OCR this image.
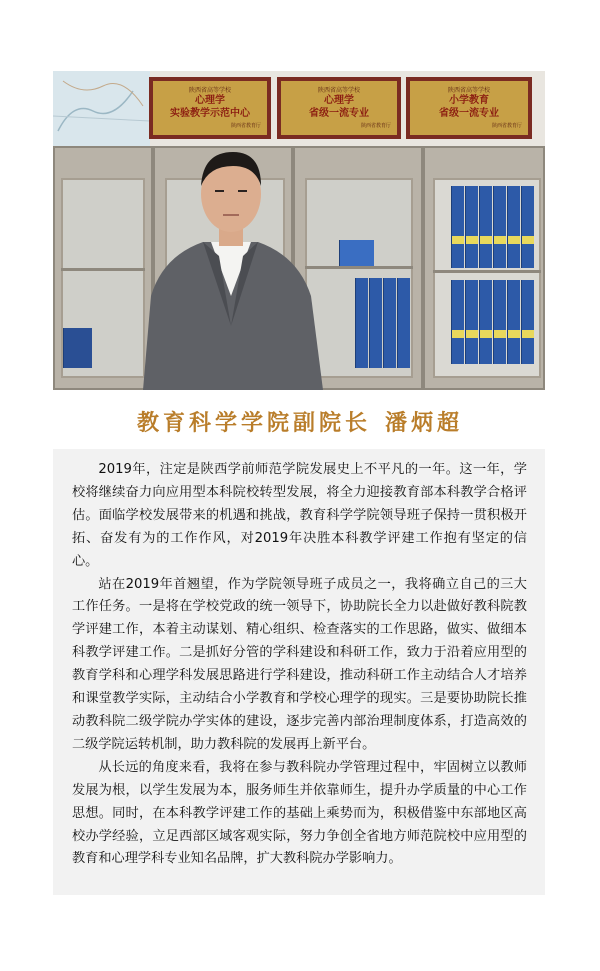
陕西省高等学校
心理学
实验教学示范中心
陕西省教育厅
陕西省高等学校
心理学
省级一流专业
陕西省教育厅
陕西省高等学校
小学教育
省级一流专业
陕西省教育厅
教育科学学院副院长 潘炳超

2019年，注定是陕西学前师范学院发展史上不平凡的一年。这一年，学校将继续奋力向应用型本科院校转型发展，将全力迎接教育部本科教学合格评估。面临学校发展带来的机遇和挑战，教育科学学院领导班子保持一贯积极开拓、奋发有为的工作作风，对2019年决胜本科教学评建工作抱有坚定的信心。

站在2019年首翘望，作为学院领导班子成员之一，我将确立自己的三大工作任务。一是将在学校党政的统一领导下，协助院长全力以赴做好教科院教学评建工作，本着主动谋划、精心组织、检查落实的工作思路，做实、做细本科教学评建工作。二是抓好分管的学科建设和科研工作，致力于沿着应用型的教育学科和心理学科发展思路进行学科建设，推动科研工作主动结合人才培养和课堂教学实际，主动结合小学教育和学校心理学的现实。三是要协助院长推动教科院二级学院办学实体的建设，逐步完善内部治理制度体系，打造高效的二级学院运转机制，助力教科院的发展再上新平台。

从长远的角度来看，我将在参与教科院办学管理过程中，牢固树立以教师发展为根，以学生发展为本，服务师生并依靠师生，提升办学质量的中心工作思想。同时，在本科教学评建工作的基础上乘势而为，积极借鉴中东部地区高校办学经验，立足西部区域客观实际，努力争创全省地方师范院校中应用型的教育和心理学科专业知名品牌，扩大教科院办学影响力。
